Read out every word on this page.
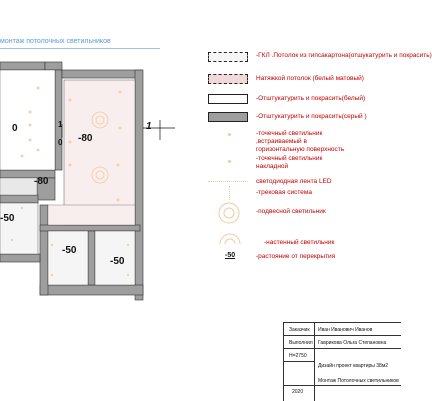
монтаж потолочных светильников
0
0 -80
-80
-50
-50
-50
1	1
-ГКЛ .Потолок из гипсакартона(отшукатурить и покрасить)
Натяжкой потолок (белый матовый)
-Отштукатурить и покрасить(белый)
-Отштукатурить и покрасить(серый )
-точечный светильник ,встраиваемый в горизонтальную поверхность
-точечный светильник накладной
светодиодная лента LED
-трековая система
-подвесной светильник
-настенный светильник
-50	-растояние от перекрытия
Заказчик Иван Иванович Иванов
Выполнил Гаврикова Ольга Степановна
H=2750
Дизайн проект квартиры 38м2
Монтаж Потолочных светильников
2020
